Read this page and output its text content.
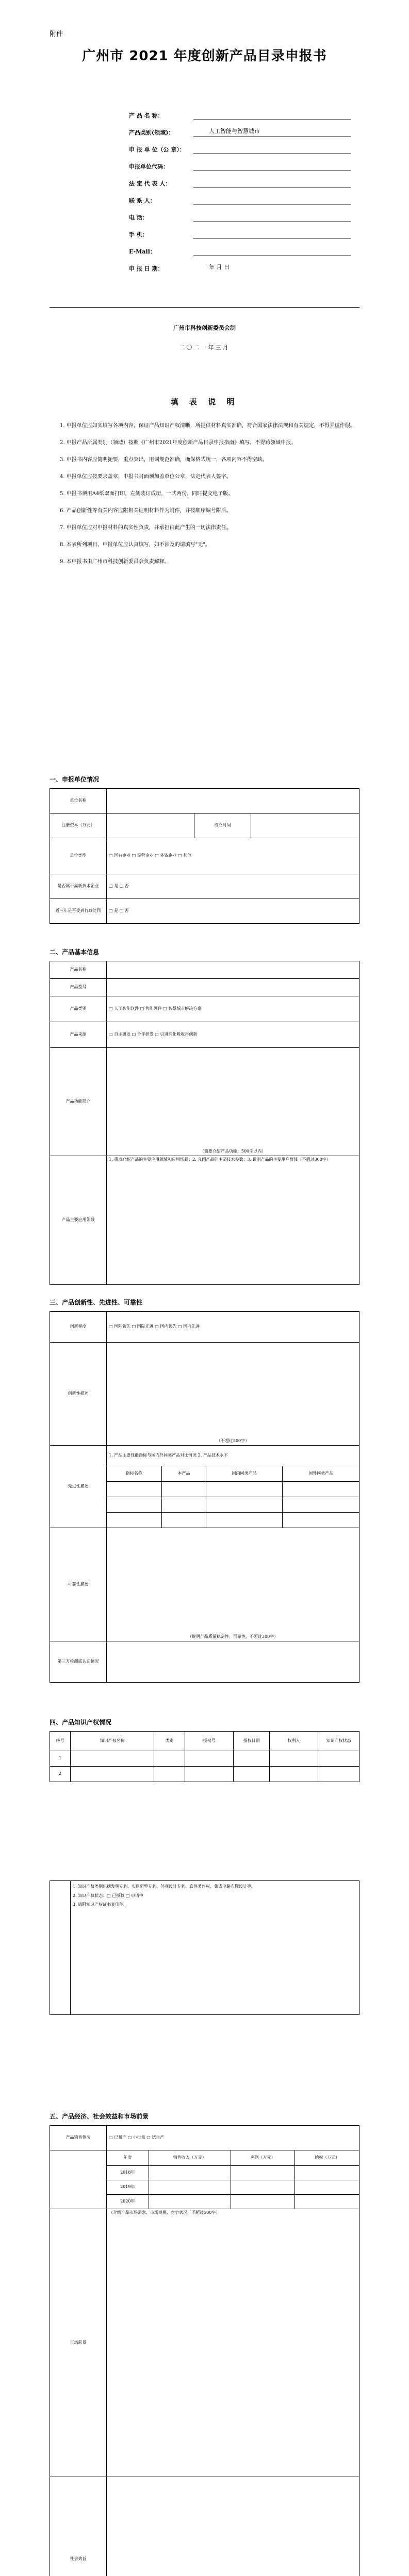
附件
广州市 2021 年度创新产品目录申报书
产 品 名 称：
产品类别(领域)：	人工智能与智慧城市
申 报 单 位（公 章）：
申报单位代码：
法 定 代 表 人：
联 系 人：
电 话：
手 机：
E-Mail：
申 报 日 期：	年 月 日
广州市科技创新委员会制
二〇二一年三月
填 表 说 明

1. 申报单位应如实填写各项内容，保证产品知识产权清晰，所提供材料真实准确，符合国家法律法规和有关规定，不得弄虚作假。

2. 申报产品所属类别（领域）按照《广州市2021年度创新产品目录申报指南》填写，不得跨领域申报。

3. 申报书内容应简明扼要，重点突出，用词规范准确，确保格式统一，各项内容不得空缺。

4. 申报单位应按要求盖章，申报书封面须加盖单位公章，法定代表人签字。

5. 申报书须用A4纸双面打印，左侧装订成册，一式两份，同时提交电子版。

6. 产品创新性等有关内容应附相关证明材料作为附件，并按顺序编号附后。

7. 申报单位应对申报材料的真实性负责，并承担由此产生的一切法律责任。

8. 本表所列项目，申报单位应认真填写，如不涉及的请填写"无"。

9. 本申报书由广州市科技创新委员会负责解释。

一、申报单位情况
单位名称			
注册资本（万元）		成立时间	
单位类型	□ 国有企业 □ 民营企业 □ 外资企业 □ 其他		
是否属于高新技术企业	□ 是 □ 否		
近三年是否受到行政处罚	□ 是 □ 否		
二、产品基本信息
产品名称	
产品型号	
产品类别	□ 人工智能软件 □ 智能硬件 □ 智慧城市解决方案
产品来源	□ 自主研发 □ 合作研发 □ 引进消化吸收再创新
产品功能简介	（简要介绍产品功能，500字以内）
产品主要应用领域	1. 重点介绍产品的主要应用领域和应用场景；2. 介绍产品的主要技术参数；3. 说明产品的主要用户群体（不超过300字）
三、产品创新性、先进性、可靠性
创新程度	□ 国际领先 □ 国际先进 □ 国内领先 □ 国内先进			
创新性描述	（不超过500字）			
先进性描述	1. 产品主要性能指标与国内外同类产品对比情况 2. 产品技术水平			
	指标名称	本产品	国内同类产品	国外同类产品

可靠性描述	（说明产品质量稳定性、可靠性，不超过300字）			
第三方检测或认证情况				
四、产品知识产权情况
序号	知识产权名称	类别	授权号	授权日期	权利人	知识产权状态
1						
2						

1. 知识产权类别包括发明专利、实用新型专利、外观设计专利、软件著作权、集成电路布图设计等。
2. 知识产权状态：□ 已授权 □ 申请中
3. 请附知识产权证书复印件。
五、产品经济、社会效益和市场前景
产品销售情况	□ 已量产 □ 小批量 □ 试生产			
	年度	销售收入（万元）	利润（万元）	纳税（万元）
	2018年			
	2019年			
	2020年			
市场前景	（介绍产品市场需求、市场规模、竞争状况，不超过500字）			
社会效益	
